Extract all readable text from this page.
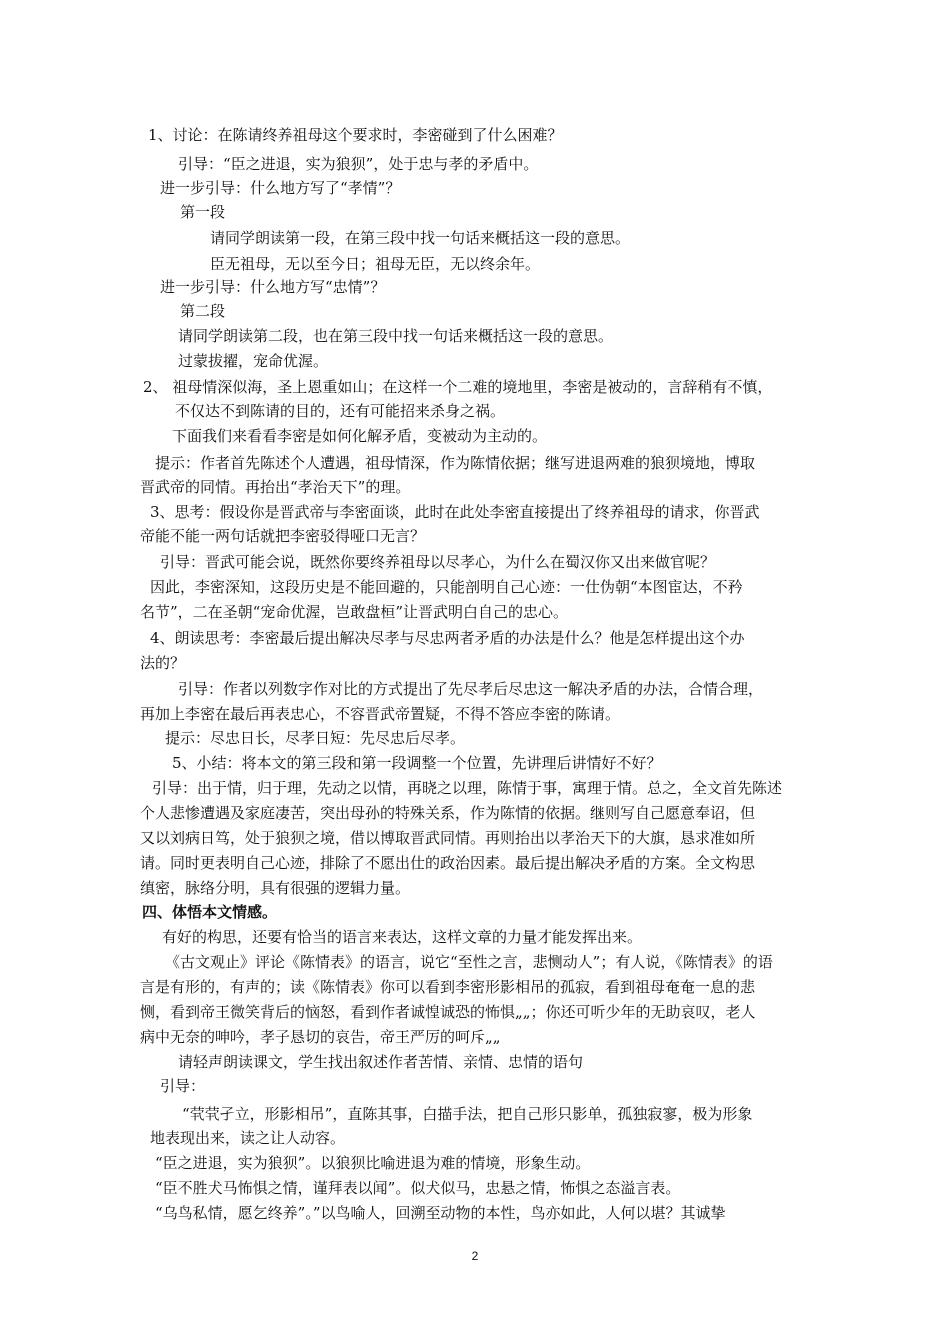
1、讨论：在陈请终养祖母这个要求时，李密碰到了什么困难？
引导：“臣之进退，实为狼狈”，处于忠与孝的矛盾中。
进一步引导：什么地方写了“孝情”？
第一段
请同学朗读第一段，在第三段中找一句话来概括这一段的意思。
臣无祖母，无以至今日；祖母无臣，无以终余年。
进一步引导：什么地方写“忠情”？
第二段
请同学朗读第二段，也在第三段中找一句话来概括这一段的意思。
过蒙拔擢，宠命优渥。
2、 祖母情深似海，圣上恩重如山；在这样一个二难的境地里，李密是被动的，言辞稍有不慎，
不仅达不到陈请的目的，还有可能招来杀身之祸。
下面我们来看看李密是如何化解矛盾，变被动为主动的。
提示：作者首先陈述个人遭遇，祖母情深，作为陈情依据；继写进退两难的狼狈境地，博取
晋武帝的同情。再抬出“孝治天下”的理。
3、思考：假设你是晋武帝与李密面谈，此时在此处李密直接提出了终养祖母的请求，你晋武
帝能不能一两句话就把李密驳得哑口无言？
引导：晋武可能会说，既然你要终养祖母以尽孝心，为什么在蜀汉你又出来做官呢？
因此，李密深知，这段历史是不能回避的，只能剖明自己心迹：一仕伪朝“本图宦达，不矜
名节”，二在圣朝“宠命优渥，岂敢盘桓”让晋武明白自己的忠心。
4、朗读思考：李密最后提出解决尽孝与尽忠两者矛盾的办法是什么？他是怎样提出这个办
法的？
引导：作者以列数字作对比的方式提出了先尽孝后尽忠这一解决矛盾的办法，合情合理，
再加上李密在最后再表忠心，不容晋武帝置疑，不得不答应李密的陈请。
提示：尽忠日长，尽孝日短：先尽忠后尽孝。
5、小结：将本文的第三段和第一段调整一个位置，先讲理后讲情好不好？
引导：出于情，归于理，先动之以情，再晓之以理，陈情于事，寓理于情。总之，全文首先陈述
个人悲惨遭遇及家庭凄苦，突出母孙的特殊关系，作为陈情的依据。继则写自己愿意奉诏，但
又以刘病日笃，处于狼狈之境，借以博取晋武同情。再则抬出以孝治天下的大旗，恳求准如所
请。同时更表明自己心迹，排除了不愿出仕的政治因素。最后提出解决矛盾的方案。全文构思
缜密，脉络分明，具有很强的逻辑力量。
四、体悟本文情感。
有好的构思，还要有恰当的语言来表达，这样文章的力量才能发挥出来。
《古文观止》评论《陈情表》的语言，说它“至性之言，悲恻动人”；有人说，《陈情表》的语
言是有形的，有声的；读《陈情表》你可以看到李密形影相吊的孤寂，看到祖母奄奄一息的悲
恻，看到帝王微笑背后的恼怒，看到作者诚惶诚恐的怖惧„„；你还可听少年的无助哀叹，老人
病中无奈的呻吟，孝子恳切的哀告，帝王严厉的呵斥„„
请轻声朗读课文，学生找出叙述作者苦情、亲情、忠情的语句
引导：
“茕茕孑立，形影相吊”，直陈其事，白描手法，把自己形只影单，孤独寂寥，极为形象
地表现出来，读之让人动容。
“臣之进退，实为狼狈”。以狼狈比喻进退为难的情境，形象生动。
“臣不胜犬马怖惧之情，谨拜表以闻”。似犬似马，忠悬之情，怖惧之态溢言表。
“乌鸟私情，愿乞终养”。”以鸟喻人，回溯至动物的本性，鸟亦如此，人何以堪？其诚挚
2
